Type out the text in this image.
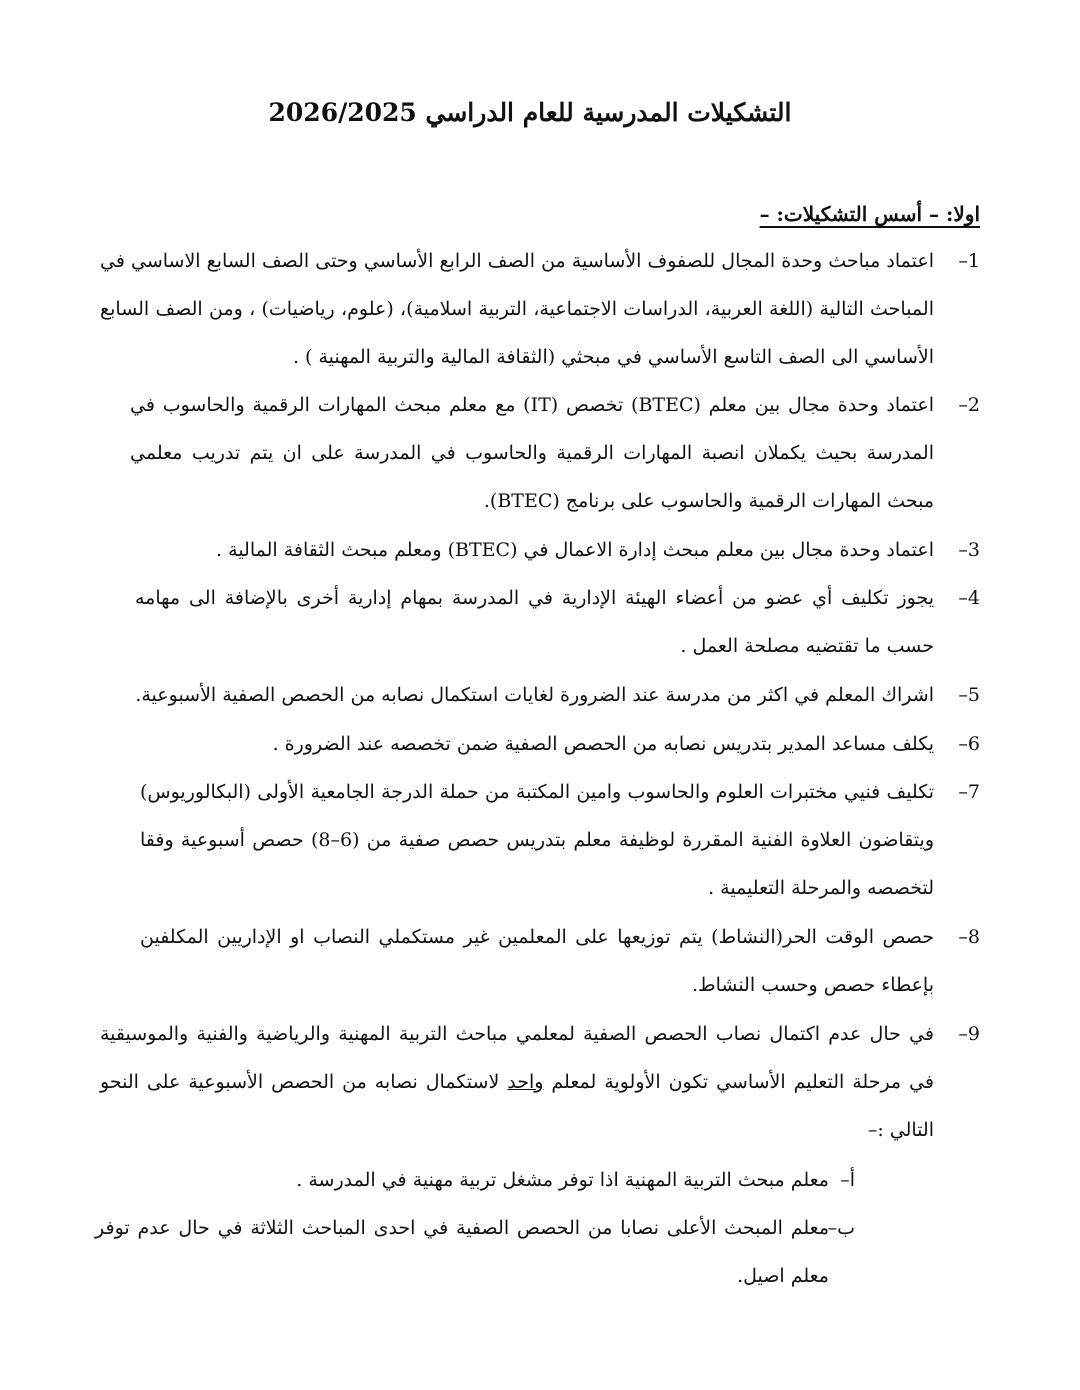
التشكيلات المدرسية للعام الدراسي 2026/2025
اولا: – أسس التشكيلات: –
1–
اعتماد مباحث وحدة المجال للصفوف الأساسية من الصف الرابع الأساسي وحتى الصف السابع الاساسي في المباحث التالية (اللغة العربية، الدراسات الاجتماعية، التربية اسلامية)، (علوم، رياضيات) ، ومن الصف السابع الأساسي الى الصف التاسع الأساسي في مبحثي (الثقافة المالية والتربية المهنية ) .
2–
اعتماد وحدة مجال بين معلم (BTEC) تخصص (IT) مع معلم مبحث المهارات الرقمية والحاسوب في المدرسة بحيث يكملان انصبة المهارات الرقمية والحاسوب في المدرسة على ان يتم تدريب معلمي مبحث المهارات الرقمية والحاسوب على برنامج (BTEC).
3–
اعتماد وحدة مجال بين معلم مبحث إدارة الاعمال في (BTEC) ومعلم مبحث الثقافة المالية .
4–
يجوز تكليف أي عضو من أعضاء الهيئة الإدارية في المدرسة بمهام إدارية أخرى بالإضافة الى مهامه حسب ما تقتضيه مصلحة العمل .
5–
اشراك المعلم في اكثر من مدرسة عند الضرورة لغايات استكمال نصابه من الحصص الصفية الأسبوعية.
6–
يكلف مساعد المدير بتدريس نصابه من الحصص الصفية ضمن تخصصه عند الضرورة .
7–
تكليف فنيي مختبرات العلوم والحاسوب وامين المكتبة من حملة الدرجة الجامعية الأولى (البكالوريوس) ويتقاضون العلاوة الفنية المقررة لوظيفة معلم بتدريس حصص صفية من (6–8) حصص أسبوعية وفقا لتخصصه والمرحلة التعليمية .
8–
حصص الوقت الحر(النشاط) يتم توزيعها على المعلمين غير مستكملي النصاب او الإداريين المكلفين بإعطاء حصص وحسب النشاط.
9–
في حال عدم اكتمال نصاب الحصص الصفية لمعلمي مباحث التربية المهنية والرياضية والفنية والموسيقية في مرحلة التعليم الأساسي تكون الأولوية لمعلم واحد لاستكمال نصابه من الحصص الأسبوعية على النحو التالي :–
أ–
معلم مبحث التربية المهنية اذا توفر مشغل تربية مهنية في المدرسة .
ب–
معلم المبحث الأعلى نصابا من الحصص الصفية في احدى المباحث الثلاثة في حال عدم توفر معلم اصيل.
